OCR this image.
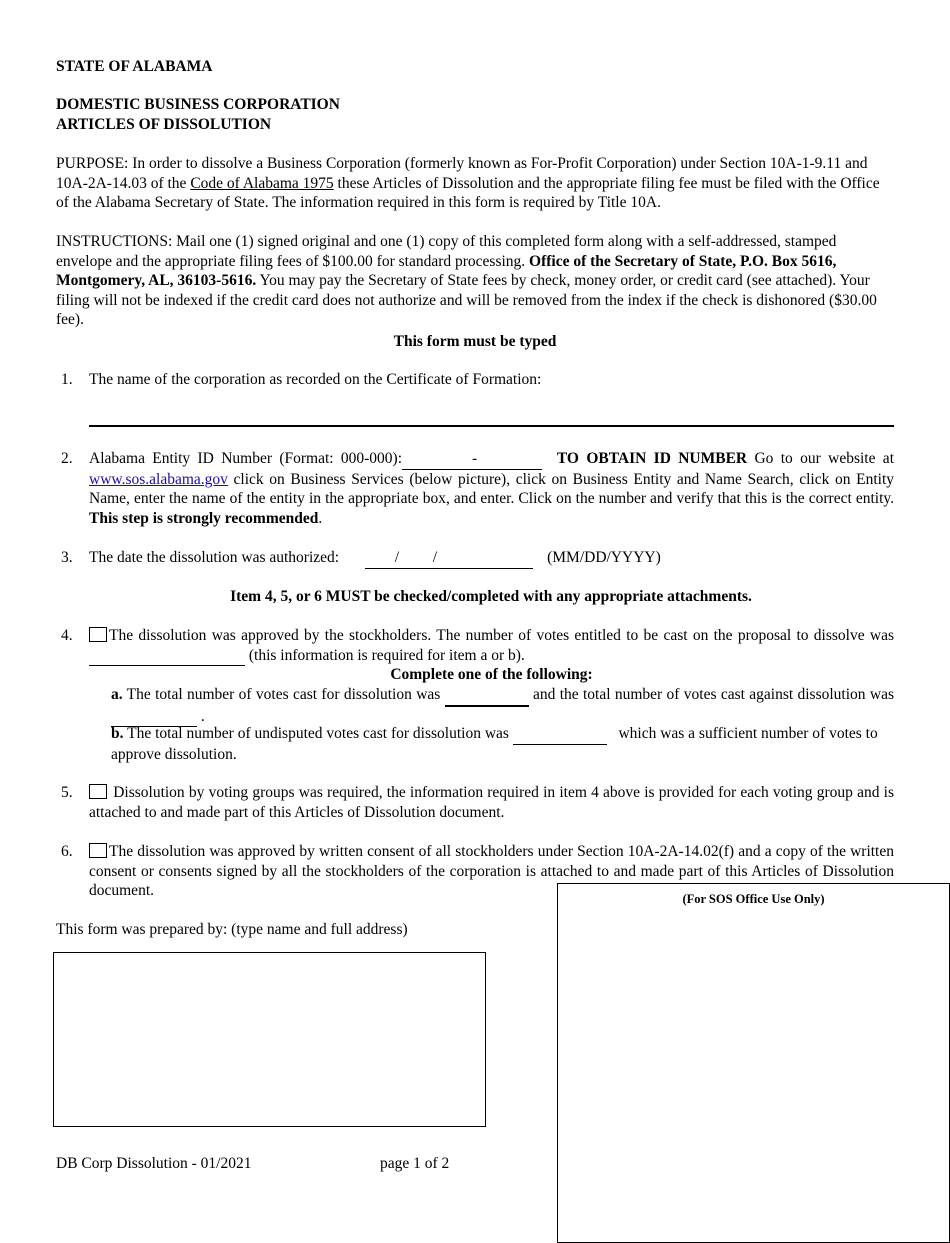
STATE OF ALABAMA
DOMESTIC BUSINESS CORPORATION
ARTICLES OF DISSOLUTION
PURPOSE: In order to dissolve a Business Corporation (formerly known as For-Profit Corporation) under Section 10A-1-9.11 and 10A-2A-14.03 of the Code of Alabama 1975 these Articles of Dissolution and the appropriate filing fee must be filed with the Office of the Alabama Secretary of State. The information required in this form is required by Title 10A.
INSTRUCTIONS: Mail one (1) signed original and one (1) copy of this completed form along with a self-addressed, stamped envelope and the appropriate filing fees of $100.00 for standard processing. Office of the Secretary of State, P.O. Box 5616, Montgomery, AL, 36103-5616. You may pay the Secretary of State fees by check, money order, or credit card (see attached). Your filing will not be indexed if the credit card does not authorize and will be removed from the index if the check is dishonored ($30.00 fee).
This form must be typed
1. The name of the corporation as recorded on the Certificate of Formation:
2. Alabama Entity ID Number (Format: 000-000):	-	TO OBTAIN ID NUMBER Go to our website at www.sos.alabama.gov click on Business Services (below picture), click on Business Entity and Name Search, click on Entity Name, enter the name of the entity in the appropriate box, and enter. Click on the number and verify that this is the correct entity. This step is strongly recommended.
3. The date the dissolution was authorized:	/ /	(MM/DD/YYYY)
Item 4, 5, or 6 MUST be checked/completed with any appropriate attachments.
4.	The dissolution was approved by the stockholders. The number of votes entitled to be cast on the proposal to dissolve was   (this information is required for item a or b).
Complete one of the following:
a. The total number of votes cast for dissolution was	and the total number of votes cast against dissolution was   .
b. The total number of undisputed votes cast for dissolution was	which was a sufficient number of votes to approve dissolution.
5.	Dissolution by voting groups was required, the information required in item 4 above is provided for each voting group and is attached to and made part of this Articles of Dissolution document.
6.	The dissolution was approved by written consent of all stockholders under Section 10A-2A-14.02(f) and a copy of the written consent or consents signed by all the stockholders of the corporation is attached to and made part of this Articles of Dissolution document.	(For SOS Office Use Only)
This form was prepared by: (type name and full address)
DB Corp Dissolution - 01/2021	page 1 of 2
